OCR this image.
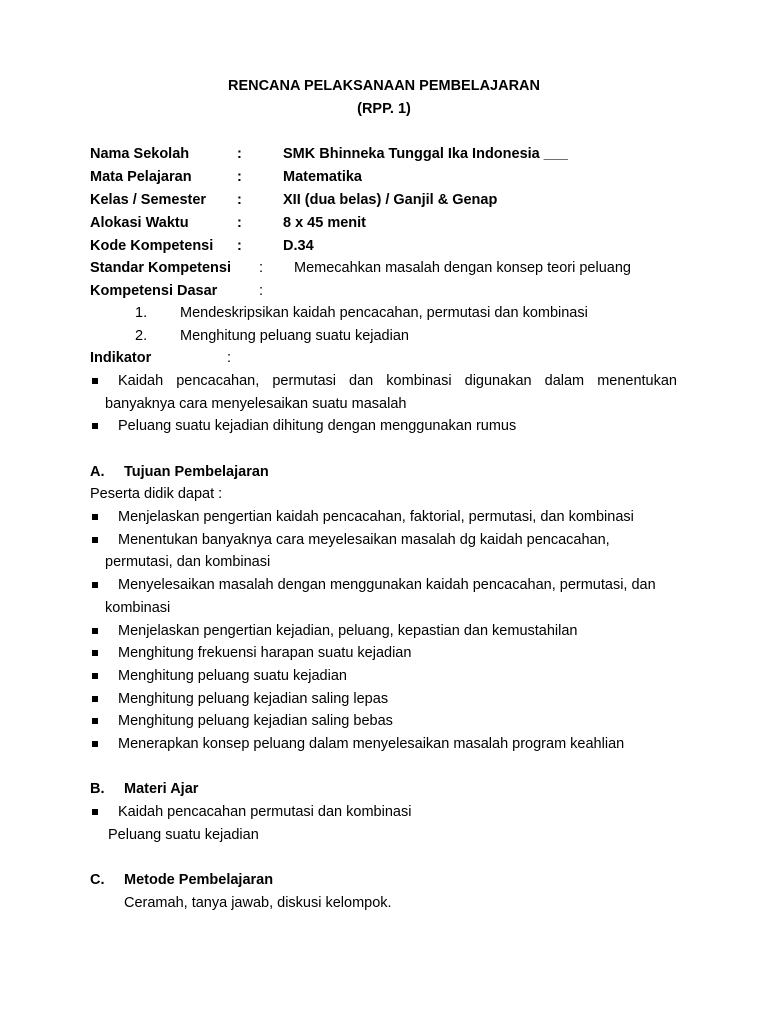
RENCANA PELAKSANAAN PEMBELAJARAN
(RPP. 1)
Nama Sekolah	:	SMK Bhinneka Tunggal Ika Indonesia ___
Mata Pelajaran	:	Matematika
Kelas / Semester :	XII (dua belas) / Ganjil & Genap
Alokasi Waktu	:	8 x 45 menit
Kode Kompetensi :	D.34
Standar Kompetensi : Memecahkan masalah dengan konsep teori peluang
Kompetensi Dasar	:
1. Mendeskripsikan kaidah pencacahan, permutasi dan kombinasi
2. Menghitung peluang suatu kejadian
Indikator	:
Kaidah pencacahan, permutasi dan kombinasi digunakan dalam menentukan
banyaknya cara menyelesaikan suatu masalah
Peluang suatu kejadian dihitung dengan menggunakan rumus
A. Tujuan Pembelajaran
Peserta didik dapat :
Menjelaskan pengertian kaidah pencacahan, faktorial, permutasi, dan kombinasi
Menentukan banyaknya cara meyelesaikan masalah dg kaidah pencacahan,
permutasi, dan kombinasi
Menyelesaikan masalah dengan menggunakan kaidah pencacahan, permutasi, dan
kombinasi
Menjelaskan pengertian kejadian, peluang, kepastian dan kemustahilan
Menghitung frekuensi harapan suatu kejadian
Menghitung peluang suatu kejadian
Menghitung peluang kejadian saling lepas
Menghitung peluang kejadian saling bebas
Menerapkan konsep peluang dalam menyelesaikan masalah program keahlian
B. Materi Ajar
Kaidah pencacahan permutasi dan kombinasi
Peluang suatu kejadian
C. Metode Pembelajaran
Ceramah, tanya jawab, diskusi kelompok.
